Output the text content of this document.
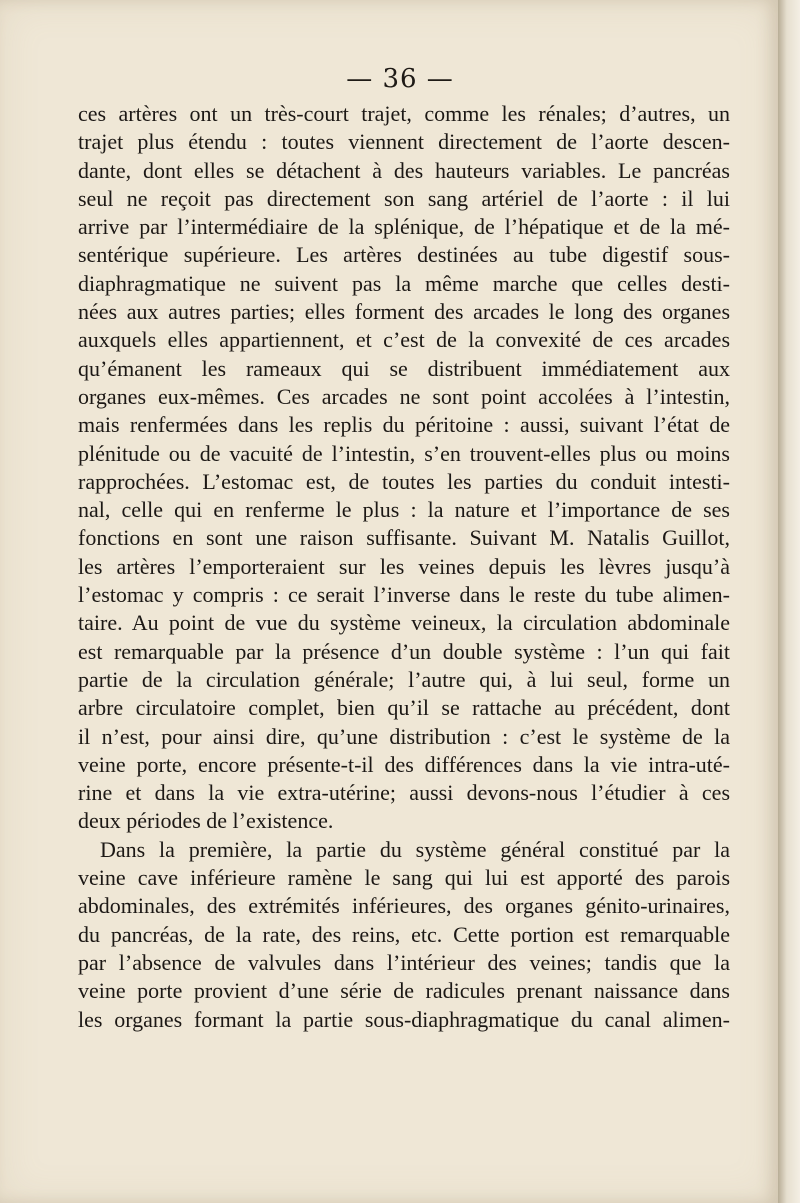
— 36 —
ces artères ont un très-court trajet, comme les rénales; d’autres, un
trajet plus étendu : toutes viennent directement de l’aorte descen-
dante, dont elles se détachent à des hauteurs variables. Le pancréas
seul ne reçoit pas directement son sang artériel de l’aorte : il lui
arrive par l’intermédiaire de la splénique, de l’hépatique et de la mé-
sentérique supérieure. Les artères destinées au tube digestif sous-
diaphragmatique ne suivent pas la même marche que celles desti-
nées aux autres parties; elles forment des arcades le long des organes
auxquels elles appartiennent, et c’est de la convexité de ces arcades
qu’émanent les rameaux qui se distribuent immédiatement aux
organes eux-mêmes. Ces arcades ne sont point accolées à l’intestin,
mais renfermées dans les replis du péritoine : aussi, suivant l’état de
plénitude ou de vacuité de l’intestin, s’en trouvent-elles plus ou moins
rapprochées. L’estomac est, de toutes les parties du conduit intesti-
nal, celle qui en renferme le plus : la nature et l’importance de ses
fonctions en sont une raison suffisante. Suivant M. Natalis Guillot,
les artères l’emporteraient sur les veines depuis les lèvres jusqu’à
l’estomac y compris : ce serait l’inverse dans le reste du tube alimen-
taire. Au point de vue du système veineux, la circulation abdominale
est remarquable par la présence d’un double système : l’un qui fait
partie de la circulation générale; l’autre qui, à lui seul, forme un
arbre circulatoire complet, bien qu’il se rattache au précédent, dont
il n’est, pour ainsi dire, qu’une distribution : c’est le système de la
veine porte, encore présente-t-il des différences dans la vie intra-uté-
rine et dans la vie extra-utérine; aussi devons-nous l’étudier à ces
deux périodes de l’existence.
Dans la première, la partie du système général constitué par la
veine cave inférieure ramène le sang qui lui est apporté des parois
abdominales, des extrémités inférieures, des organes génito-urinaires,
du pancréas, de la rate, des reins, etc. Cette portion est remarquable
par l’absence de valvules dans l’intérieur des veines; tandis que la
veine porte provient d’une série de radicules prenant naissance dans
les organes formant la partie sous-diaphragmatique du canal alimen-
